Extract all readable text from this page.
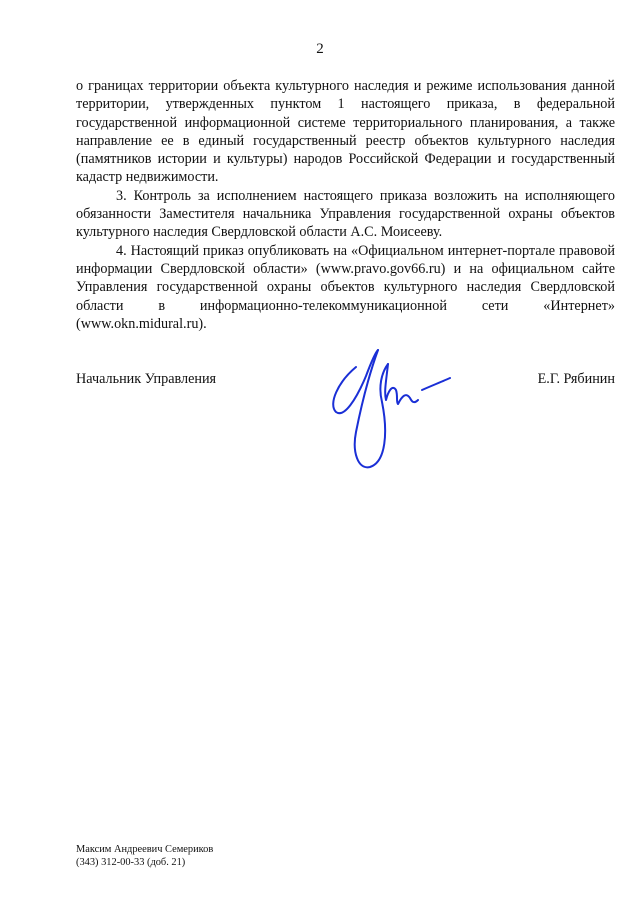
2

о границах территории объекта культурного наследия и режиме использования данной территории, утвержденных пунктом 1 настоящего приказа, в федеральной государственной информационной системе территориального планирования, а также направление ее в единый государственный реестр объектов культурного наследия (памятников истории и культуры) народов Российской Федерации и государственный кадастр недвижимости.

3. Контроль за исполнением настоящего приказа возложить на исполняющего обязанности Заместителя начальника Управления государственной охраны объектов культурного наследия Свердловской области А.С. Моисееву.

4. Настоящий приказ опубликовать на «Официальном интернет-портале правовой информации Свердловской области» (www.pravo.gov66.ru) и на официальном сайте Управления государственной охраны объектов культурного наследия Свердловской области в информационно-телекоммуникационной сети «Интернет» (www.okn.midural.ru).

Начальник Управления	Е.Г. Рябинин
Максим Андреевич Семериков
(343) 312-00-33 (доб. 21)
